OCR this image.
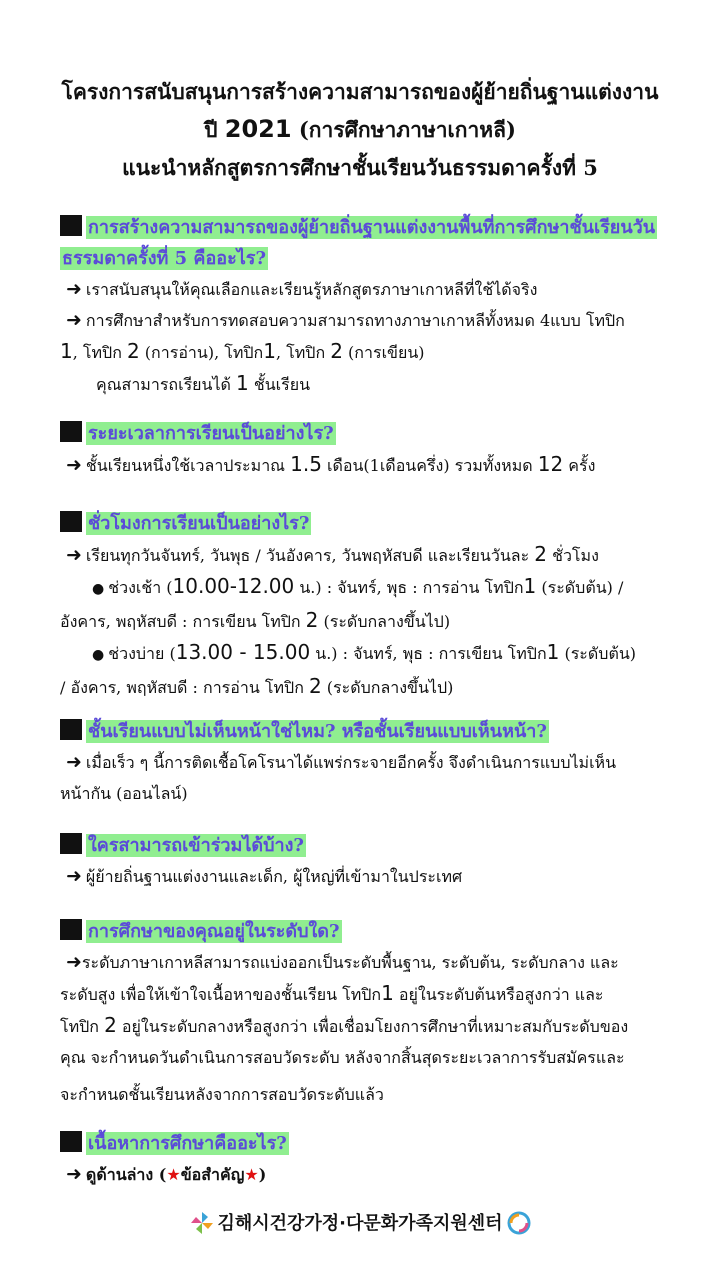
โครงการสนับสนุนการสร้างความสามารถของผู้ย้ายถิ่นฐานแต่งงาน
ปี 2021 (การศึกษาภาษาเกาหลี)
แนะนำหลักสูตรการศึกษาชั้นเรียนวันธรรมดาครั้งที่ 5
การสร้างความสามารถของผู้ย้ายถิ่นฐานแต่งงานพื้นที่การศึกษาชั้นเรียนวัน
ธรรมดาครั้งที่ 5 คืออะไร?
➜ เราสนับสนุนให้คุณเลือกและเรียนรู้หลักสูตรภาษาเกาหลีที่ใช้ได้จริง
➜ การศึกษาสำหรับการทดสอบความสามารถทางภาษาเกาหลีทั้งหมด 4แบบ โทปิก
1, โทปิก 2 (การอ่าน), โทปิก1, โทปิก 2 (การเขียน)
คุณสามารถเรียนได้ 1 ชั้นเรียน
ระยะเวลาการเรียนเป็นอย่างไร?
➜ ชั้นเรียนหนึ่งใช้เวลาประมาณ 1.5 เดือน(1เดือนครึ่ง) รวมทั้งหมด 12 ครั้ง
ชั่วโมงการเรียนเป็นอย่างไร?
➜ เรียนทุกวันจันทร์, วันพุธ / วันอังคาร, วันพฤหัสบดี และเรียนวันละ 2 ชั่วโมง
● ช่วงเช้า (10.00-12.00 น.) : จันทร์, พุธ : การอ่าน โทปิก1 (ระดับต้น) /
อังคาร, พฤหัสบดี : การเขียน โทปิก 2 (ระดับกลางขึ้นไป)
● ช่วงบ่าย (13.00 - 15.00 น.) : จันทร์, พุธ : การเขียน โทปิก1 (ระดับต้น)
/ อังคาร, พฤหัสบดี : การอ่าน โทปิก 2 (ระดับกลางขึ้นไป)
ชั้นเรียนแบบไม่เห็นหน้าใช่ไหม? หรือชั้นเรียนแบบเห็นหน้า?
➜ เมื่อเร็ว ๆ นี้การติดเชื้อโคโรนาได้แพร่กระจายอีกครั้ง จึงดำเนินการแบบไม่เห็น
หน้ากัน (ออนไลน์)
ใครสามารถเข้าร่วมได้บ้าง?
➜ ผู้ย้ายถิ่นฐานแต่งงานและเด็ก, ผู้ใหญ่ที่เข้ามาในประเทศ
การศึกษาของคุณอยู่ในระดับใด?
➜ระดับภาษาเกาหลีสามารถแบ่งออกเป็นระดับพื้นฐาน, ระดับต้น, ระดับกลาง และ
ระดับสูง เพื่อให้เข้าใจเนื้อหาของชั้นเรียน โทปิก1 อยู่ในระดับต้นหรือสูงกว่า และ
โทปิก 2 อยู่ในระดับกลางหรือสูงกว่า เพื่อเชื่อมโยงการศึกษาที่เหมาะสมกับระดับของ
คุณ จะกำหนดวันดำเนินการสอบวัดระดับ หลังจากสิ้นสุดระยะเวลาการรับสมัครและ
จะกำหนดชั้นเรียนหลังจากการสอบวัดระดับแล้ว
เนื้อหาการศึกษาคืออะไร?
➜ ดูด้านล่าง (★ข้อสำคัญ★)
김해시건강가정·다문화가족지원센터
